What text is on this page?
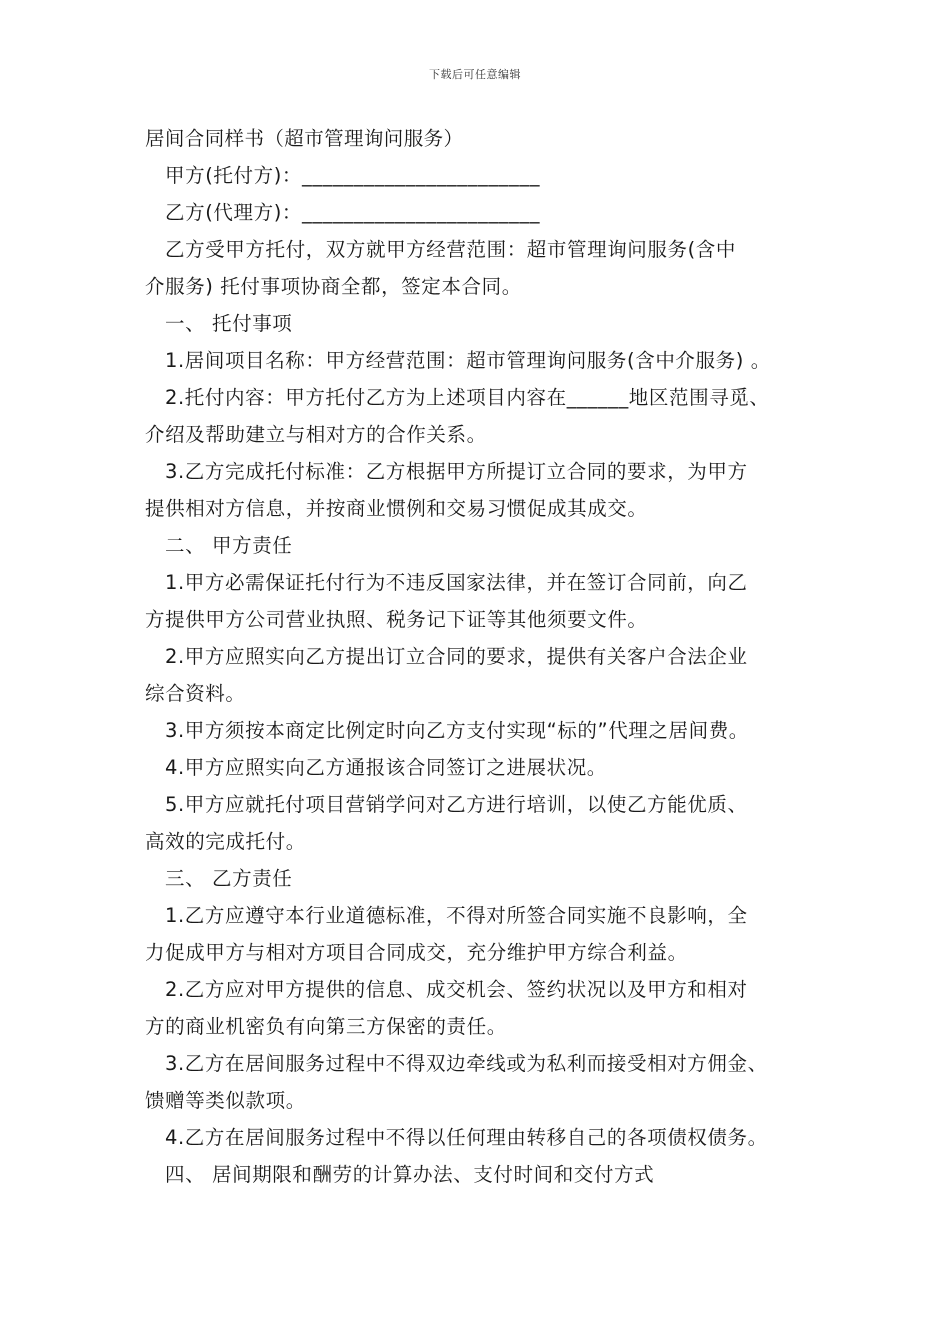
下载后可任意编辑
居间合同样书（超市管理询问服务）
甲方(托付方)：_______________________
乙方(代理方)：_______________________
乙方受甲方托付，双方就甲方经营范围：超市管理询问服务(含中
介服务) 托付事项协商全都，签定本合同。
一、 托付事项
1.居间项目名称：甲方经营范围：超市管理询问服务(含中介服务) 。
2.托付内容：甲方托付乙方为上述项目内容在______地区范围寻觅、
介绍及帮助建立与相对方的合作关系。
3.乙方完成托付标准：乙方根据甲方所提订立合同的要求，为甲方
提供相对方信息，并按商业惯例和交易习惯促成其成交。
二、 甲方责任
1.甲方必需保证托付行为不违反国家法律，并在签订合同前，向乙
方提供甲方公司营业执照、税务记下证等其他须要文件。
2.甲方应照实向乙方提出订立合同的要求，提供有关客户合法企业
综合资料。
3.甲方须按本商定比例定时向乙方支付实现“标的”代理之居间费。
4.甲方应照实向乙方通报该合同签订之进展状况。
5.甲方应就托付项目营销学问对乙方进行培训，以使乙方能优质、
高效的完成托付。
三、 乙方责任
1.乙方应遵守本行业道德标准，不得对所签合同实施不良影响，全
力促成甲方与相对方项目合同成交，充分维护甲方综合利益。
2.乙方应对甲方提供的信息、成交机会、签约状况以及甲方和相对
方的商业机密负有向第三方保密的责任。
3.乙方在居间服务过程中不得双边牵线或为私利而接受相对方佣金、
馈赠等类似款项。
4.乙方在居间服务过程中不得以任何理由转移自己的各项债权债务。
四、 居间期限和酬劳的计算办法、支付时间和交付方式
